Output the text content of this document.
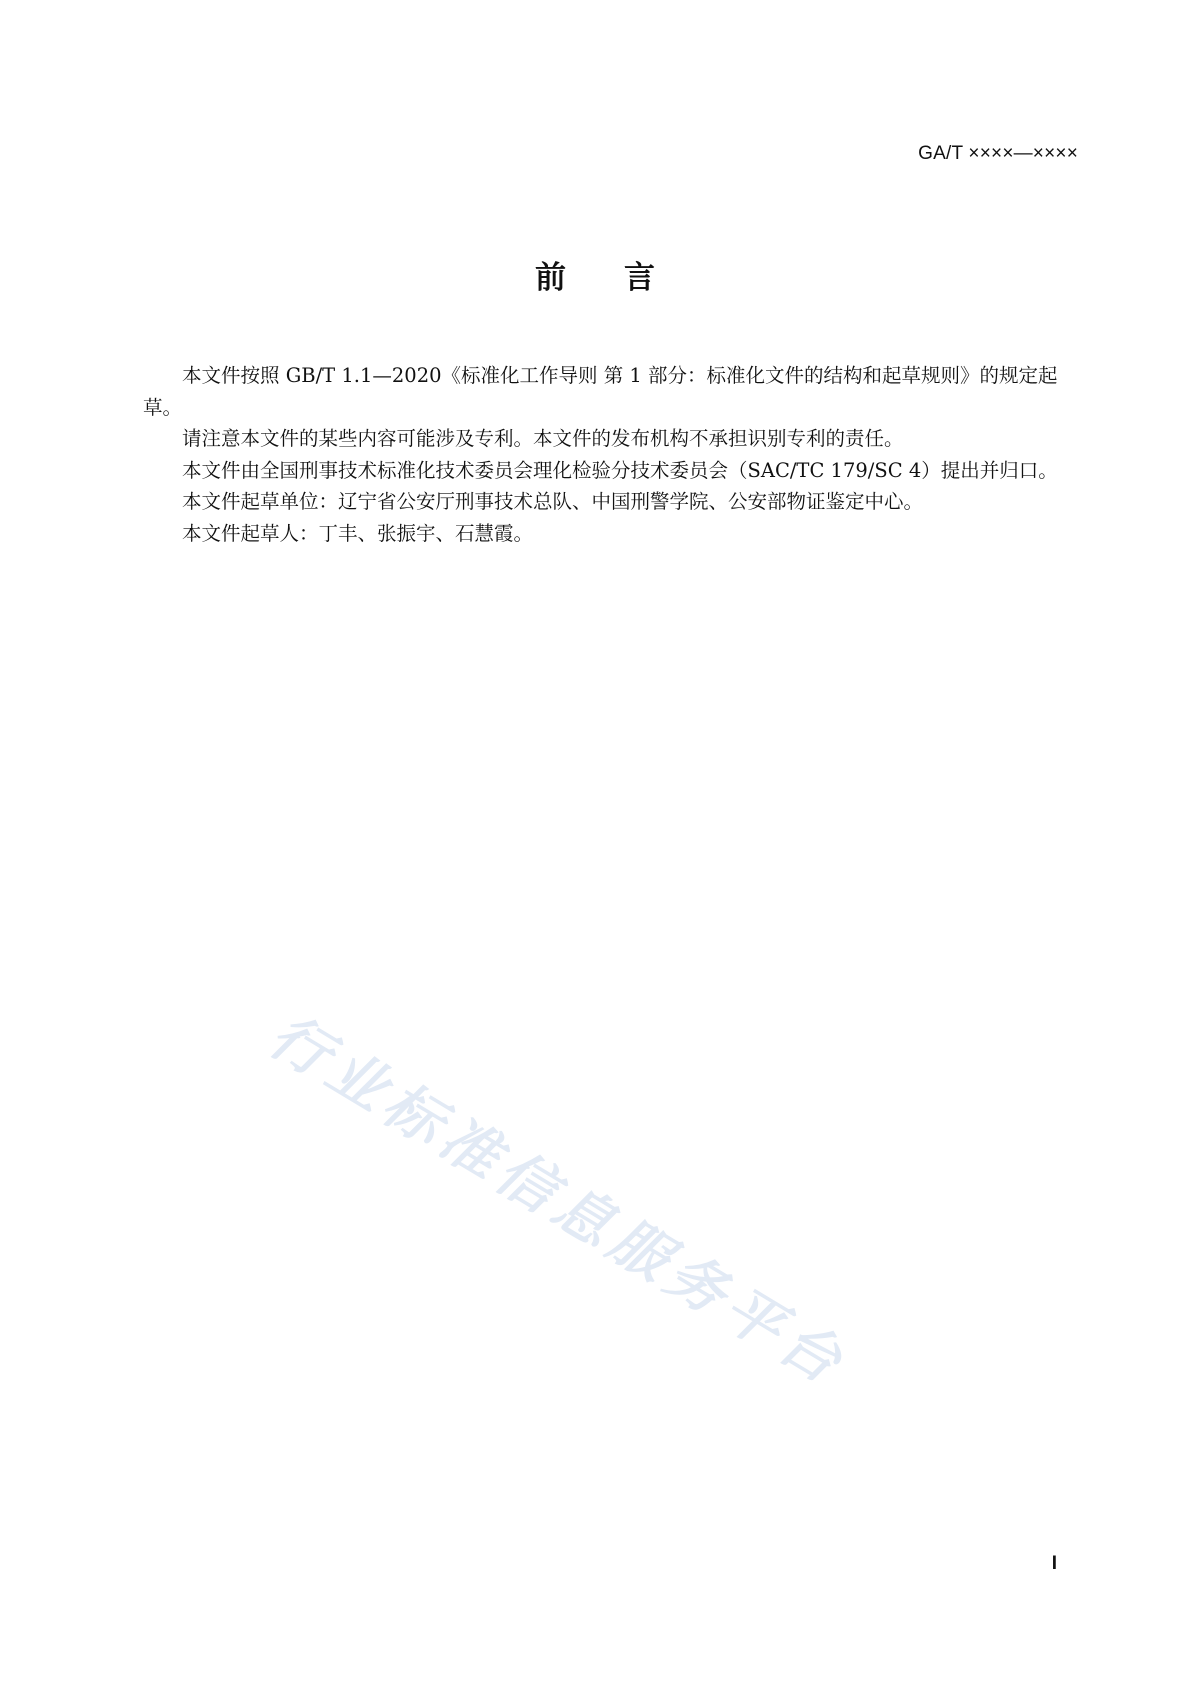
GA/T ××××—××××
前言

本文件按照 GB/T 1.1—2020《标准化工作导则 第 1 部分：标准化文件的结构和起草规则》的规定起草。

请注意本文件的某些内容可能涉及专利。本文件的发布机构不承担识别专利的责任。

本文件由全国刑事技术标准化技术委员会理化检验分技术委员会（SAC/TC 179/SC 4）提出并归口。

本文件起草单位：辽宁省公安厅刑事技术总队、中国刑警学院、公安部物证鉴定中心。

本文件起草人：丁丰、张振宇、石慧霞。

行业标准信息服务平台
I
